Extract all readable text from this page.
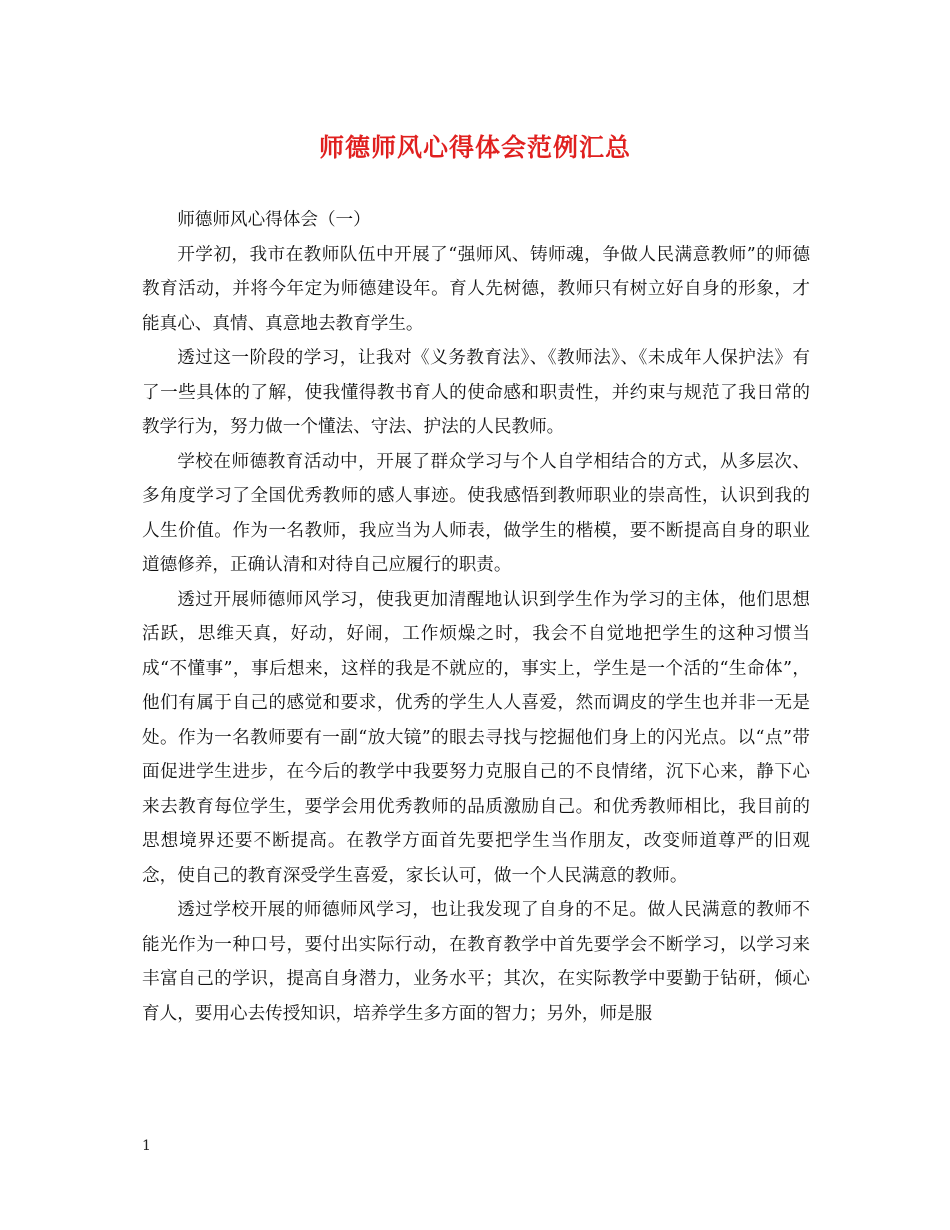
师德师风心得体会范例汇总

师德师风心得体会（一）

开学初，我市在教师队伍中开展了“强师风、铸师魂，争做人民满意教师”的师德教育活动，并将今年定为师德建设年。育人先树德，教师只有树立好自身的形象，才能真心、真情、真意地去教育学生。

透过这一阶段的学习，让我对《义务教育法》、《教师法》、《未成年人保护法》有了一些具体的了解，使我懂得教书育人的使命感和职责性，并约束与规范了我日常的教学行为，努力做一个懂法、守法、护法的人民教师。

学校在师德教育活动中，开展了群众学习与个人自学相结合的方式，从多层次、多角度学习了全国优秀教师的感人事迹。使我感悟到教师职业的崇高性，认识到我的人生价值。作为一名教师，我应当为人师表，做学生的楷模，要不断提高自身的职业道德修养，正确认清和对待自己应履行的职责。

透过开展师德师风学习，使我更加清醒地认识到学生作为学习的主体，他们思想活跃，思维天真，好动，好闹，工作烦燥之时，我会不自觉地把学生的这种习惯当成“不懂事”，事后想来，这样的我是不就应的，事实上，学生是一个活的“生命体”，他们有属于自己的感觉和要求，优秀的学生人人喜爱，然而调皮的学生也并非一无是处。作为一名教师要有一副“放大镜”的眼去寻找与挖掘他们身上的闪光点。以“点”带面促进学生进步，在今后的教学中我要努力克服自己的不良情绪，沉下心来，静下心来去教育每位学生，要学会用优秀教师的品质激励自己。和优秀教师相比，我目前的思想境界还要不断提高。在教学方面首先要把学生当作朋友，改变师道尊严的旧观念，使自己的教育深受学生喜爱，家长认可，做一个人民满意的教师。

透过学校开展的师德师风学习，也让我发现了自身的不足。做人民满意的教师不能光作为一种口号，要付出实际行动，在教育教学中首先要学会不断学习，以学习来丰富自己的学识，提高自身潜力，业务水平；其次，在实际教学中要勤于钻研，倾心育人，要用心去传授知识，培养学生多方面的智力；另外，师是服

1
